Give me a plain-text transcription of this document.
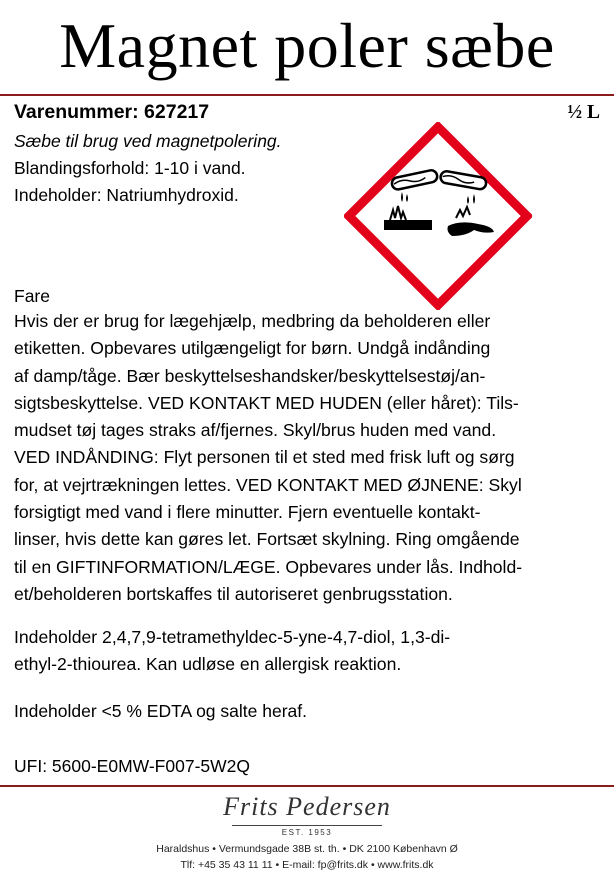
Magnet poler sæbe
Varenummer: 627217	½ L
Sæbe til brug ved magnetpolering.
Blandingsforhold: 1-10 i vand.
Indeholder: Natriumhydroxid.
Fare
Hvis der er brug for lægehjælp, medbring da beholderen eller
etiketten. Opbevares utilgængeligt for børn. Undgå indånding
af damp/tåge. Bær beskyttelseshandsker/beskyttelsestøj/an-
sigtsbeskyttelse. VED KONTAKT MED HUDEN (eller håret): Tils-
mudset tøj tages straks af/fjernes. Skyl/brus huden med vand.
VED INDÅNDING: Flyt personen til et sted med frisk luft og sørg
for, at vejrtrækningen lettes. VED KONTAKT MED ØJNENE: Skyl
forsigtigt med vand i flere minutter. Fjern eventuelle kontakt-
linser, hvis dette kan gøres let. Fortsæt skylning. Ring omgående
til en GIFTINFORMATION/LÆGE. Opbevares under lås. Indhold-
et/beholderen bortskaffes til autoriseret genbrugsstation.
Indeholder 2,4,7,9-tetramethyldec-5-yne-4,7-diol, 1,3-di-
ethyl-2-thiourea. Kan udløse en allergisk reaktion.
Indeholder <5 % EDTA og salte heraf.
UFI: 5600-E0MW-F007-5W2Q
Frits Pedersen
EST. 1953
Haraldshus • Vermundsgade 38B st. th. • DK 2100 København Ø
Tlf: +45 35 43 11 11 • E-mail: fp@frits.dk • www.frits.dk
